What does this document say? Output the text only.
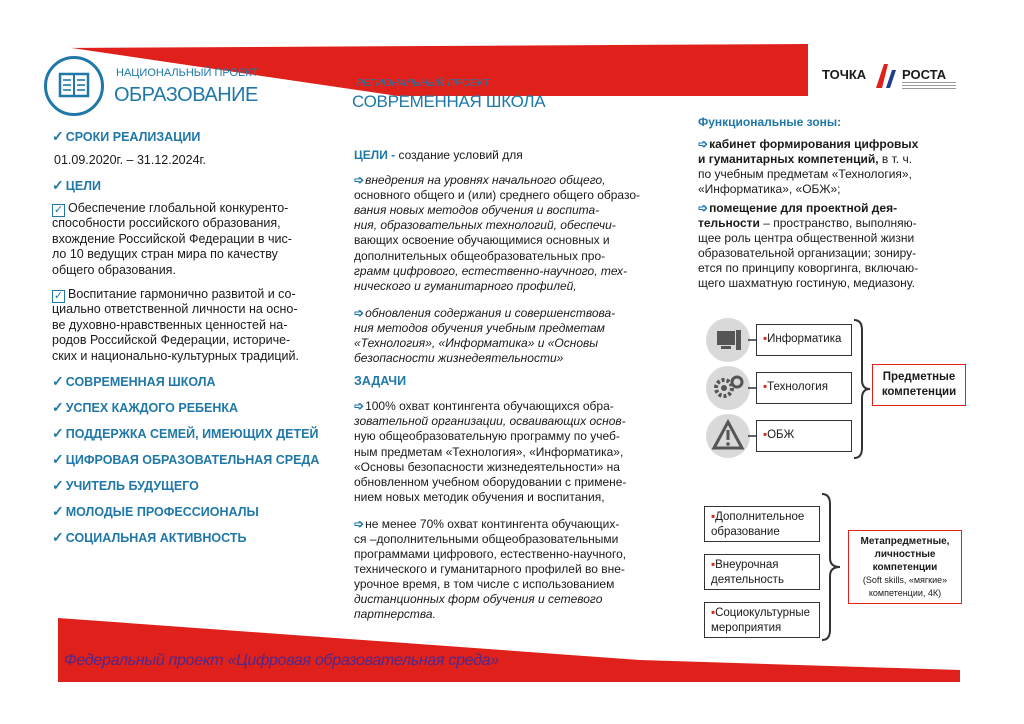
НАЦИОНАЛЬНЫЙ ПРОЕКТ
ОБРАЗОВАНИЕ
РЕГИОНАЛЬНЫЙ ПРОЕКТ
СОВРЕМЕННАЯ ШКОЛА
ТОЧКА	РОСТА
✓ СРОКИ РЕАЛИЗАЦИИ
01.09.2020г. – 31.12.2024г.
✓ ЦЕЛИ
✓ Обеспечение глобальной конкуренто-
способности российского образования,
вхождение Российской Федерации в чис-
ло 10 ведущих стран мира по качеству
общего образования.
✓ Воспитание гармонично развитой и со-
циально ответственной личности на осно-
ве духовно-нравственных ценностей на-
родов Российской Федерации, историче-
ских и национально-культурных традиций.
✓ СОВРЕМЕННАЯ ШКОЛА
✓ УСПЕХ КАЖДОГО РЕБЕНКА
✓ ПОДДЕРЖКА СЕМЕЙ, ИМЕЮЩИХ ДЕТЕЙ
✓ ЦИФРОВАЯ ОБРАЗОВАТЕЛЬНАЯ СРЕДА
✓ УЧИТЕЛЬ БУДУЩЕГО
✓ МОЛОДЫЕ ПРОФЕССИОНАЛЫ
✓ СОЦИАЛЬНАЯ АКТИВНОСТЬ
ЦЕЛИ - создание условий для
➩внедрения на уровнях начального общего,
основного общего и (или) среднего общего образо-
вания новых методов обучения и воспита-
ния, образовательных технологий, обеспечи-
вающих освоение обучающимися основных и
дополнительных общеобразовательных про-
грамм цифрового, естественно-научного, тех-
нического и гуманитарного профилей,
➩обновления содержания и совершенствова-
ния методов обучения учебным предметам
«Технология», «Информатика» и «Основы
безопасности жизнедеятельности»
ЗАДАЧИ
➩100% охват контингента обучающихся обра-
зовательной организации, осваивающих основ-
ную общеобразовательную программу по учеб-
ным предметам «Технология», «Информатика»,
«Основы безопасности жизнедеятельности» на
обновленном учебном оборудовании с примене-
нием новых методик обучения и воспитания,
➩не менее 70% охват контингента обучающих-
ся –дополнительными общеобразовательными
программами цифрового, естественно-научного,
технического и гуманитарного профилей во вне-
урочное время, в том числе с использованием
дистанционных форм обучения и сетевого
партнерства.
Функциональные зоны:
➩кабинет формирования цифровых
и гуманитарных компетенций, в т. ч.
по учебным предметам «Технология»,
«Информатика», «ОБЖ»;
➩помещение для проектной дея-
тельности – пространство, выполняю-
щее роль центра общественной жизни
образовательной организации; зониру-
ется по принципу коворгинга, включаю-
щего шахматную гостиную, медиазону.
▪Информатика
▪Технология
▪ОБЖ
Предметные
компетенции
▪Дополнительное
образование
▪Внеурочная
деятельность
▪Социокультурные
мероприятия
Метапредметные,
личностные
компетенции
(Soft skills, «мягкие»
компетенции, 4К)
Федеральный проект «Цифровая образовательная среда»
